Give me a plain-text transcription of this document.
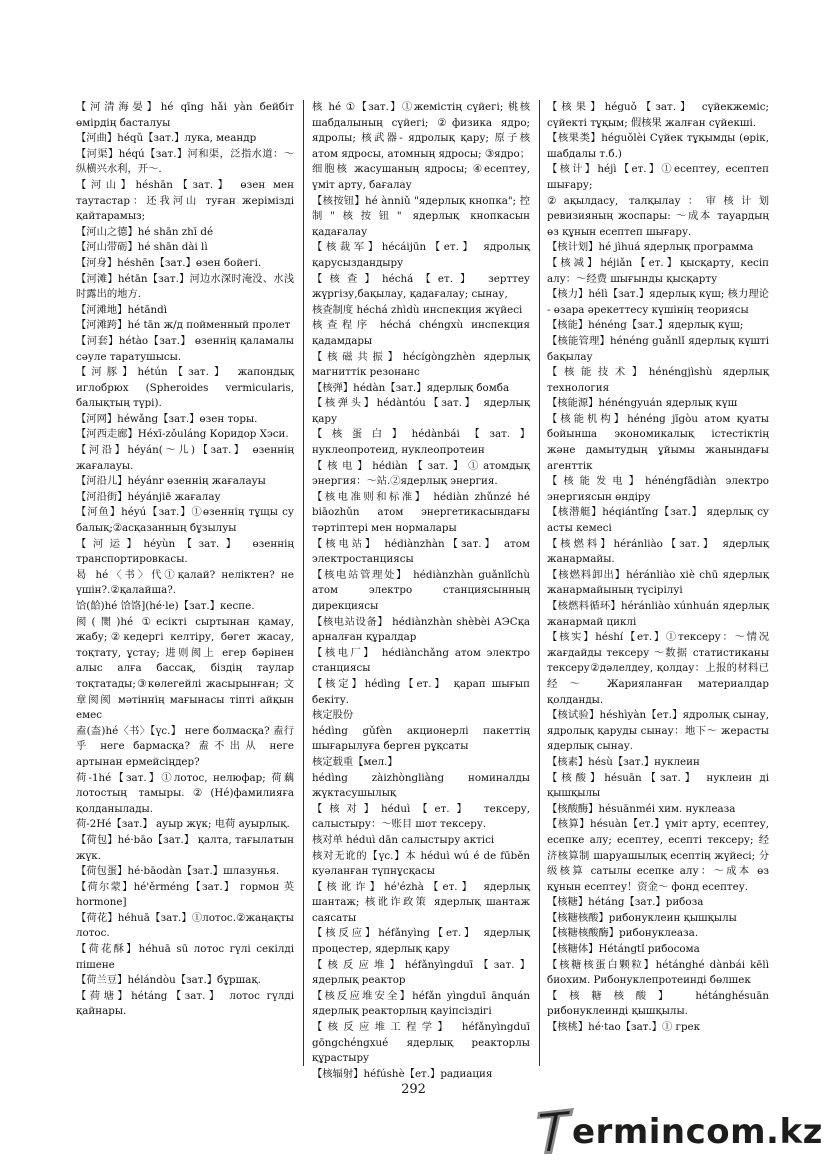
【河清海晏】hé qīng hǎi yàn бейбіт өмірдің басталуы

【河曲】héqǔ【зат.】лука, меандр

【河渠】héqú【зат.】河和渠，泛指水道：～纵横兴水利，开～.

【河山】héshān【зат.】 өзен мен таутастар：还我河山 туған жерімізді қайтарамыз;

【河山之德】hé shān zhī dé

【河山带砺】hé shān dài lì

【河身】héshēn【зат.】өзен бойегі.

【河滩】hétān【зат.】河边水深时淹没、水浅时露出的地方.

【河滩地】hétāndì

【河滩跨】hé tān ж/д пойменный пролет

【河套】hétào【зат.】 өзеннің қаламалы сәуле таратушысы.

【河豚】hétún【зат.】 жапондық иглобрюх (Spheroides vermicularis, балықтың түрі).

【河网】héwǎng【зат.】өзен торы.

【河西走廊】Héxī-zǒuláng Коридор Хэси.

【河沿】héyán(～儿)【зат.】 өзеннің жағалауы.

【河沿儿】héyánr өзеннің жағалауы

【河沿街】héyánjiē жағалау

【河鱼】héyú【зат.】①өзеннің тұщы су балық;②асқазанның бұзылуы

【河运】héyùn【зат.】 өзеннің транспортировкасы.

曷 hé〈书〉代①қалай? неліктен? не үшін?.②қалайша?.

饸(餄)hé 饸饹](hé·le)【зат.】кеспе.

阂(閡)hé ①есікті сыртынан қамау, жабу;②кедергі келтіру, бөгет жасау, тоқтату, ұстау; 进则阂上 егер бәрінен алыс алға бассақ, біздің таулар тоқтатады;③көлегейлі жасырынған; 文章阂阂 мәтіннің мағынасы тіпті айқын емес

盍(盇)hé〈书〉【үс.】 неге болмасқа? 盍行乎 неге бармасқа? 盍不出从 неге артынан ермейсіңдер?

荷-1hé【зат.】①лотос, нелюфар; 荷藕 лотостың тамыры.②(Hé)фамилияға қолданылады.

荷-2Hé【зат.】 ауыр жүк; 电荷 ауырлық.

【荷包】hé·bāo【зат.】 қалта, тағылатын жүк.

【荷包蛋】hé·bāodàn【зат.】шлазунья.

【荷尔蒙】hé'ěrméng【зат.】 гормон 英 hormone]

【荷花】héhuā【зат.】①лотос.②жаңақты лотос.

【荷花酥】héhuā sū лотос гүлі секілді пішене

【荷兰豆】hélándòu【зат.】бұршақ.

【荷塘】hétáng【зат.】 лотос гүлді қайнары.

核 hé ①【зат.】①жемістің сүйегі; 桃核 шабдалының сүйегі; ②физика ядро; ядролы; 核武器- ядролық қару; 原子核 атом ядросы, атомның ядросы; ③ядро；细胞核 жасушаның ядросы; ④есептеу, үміт арту, бағалау

【核按钮】hé ànniǔ "ядерлық кнопка"; 控制"核按钮" ядерлық кнопкасын қадағалау

【核裁军】hécáijūn【ет.】 ядролық қарусыздандыру

【核查】héchá【ет.】 зерттеу жүргізу,бақылау, қадағалау; сынау,

核查制度 héchá zhìdù инспекция жүйесі

核查程序 héchá chéngxù инспекция қадамдары

【核磁共振】hécígòngzhèn ядерлық магниттік резонанс

【核弹】hédàn【зат.】ядерлық бомба

【核弹头】hédàntóu【зат.】 ядерлық қару

【核蛋白】hédànbái【зат.】 нуклеопротеид, нуклеопротеин

【核电】hédiàn【зат.】①атомдық энергия：～站.②ядерлық энергия.

【核电准则和标准】 hédiàn zhǔnzé hé biāozhǔn атом энергетикасындағы тәртіптері мен нормалары

【核电站】 hédiànzhàn【зат.】 атом электростанциясы

【核电站管理处】 hédiànzhàn guǎnlǐchù атом электро станциясынның дирекциясы

【核电站设备】 hédiànzhàn shèbèi АЭСқа арналған құралдар

【核电厂】 hédiànchǎng атом электро станциясы

【核定】hédìng【ет.】 қарап шығып бекіту.

核定股份

hédìng gǔfèn акционерлі пакеттің шығарылуға берген рұқсаты

核定载重【мел.】

hédìng zàizhòngliàng номиналды жүктасушылық

【核对】héduì【ет.】 тексеру, салыстыру：～账目 шот тексеру.

核对单 héduì dān салыстыру актісі

核对无讹的【үс.】本 héduì wú é de fūběn куәланған түпнұсқасы

【核讹诈】hé'ézhà【ет.】 ядерлық шантаж; 核讹诈政策 ядерлық шантаж саясаты

【核反应】héfǎnyìng【ет.】 ядерлық процестер, ядерлық қару

【核反应堆】héfǎnyìngduī【зат.】 ядерлық реактор

【核反应堆安全】héfǎn yìngduī ānquán ядерлық реакторлың қауіпсіздігі

【核反应堆工程学】 héfǎnyìngduī gōngchéngxué ядерлық реакторлы құрастыру

【核辐射】héfúshè【ет.】радиация

【核果】héguǒ【зат.】 сүйекжеміс; сүйекті тұқым; 假核果 жалған сүйекші.

【核果类】héguǒlèi Сүйек тұқымды (өрік, шабдалы т.б.)

【核计】héjì【ет.】①есептеу, есептеп шығару;

②ақылдасу, талқылау：审核计划 ревизияның жоспары: ～成本 тауардың өз құнын есептеп шығару.

【核计划】hé jìhuá ядерлық программа

【核减】héjiǎn【ет.】қысқарту, кесіп алу：～经费 шығынды қысқарту

【核力】hélì【зат.】ядерлық күш; 核力理论 - өзара әрекеттесу күшінің теориясы

【核能】hénéng【зат.】ядерлық күш;

【核能管理】hénéng guǎnlǐ ядерлық күшті бақылау

【核能技术】hénéngjìshù ядерлық технология

【核能源】hénéngyuán ядерлық күш

【核能机构】hénéng jīgòu атом қуаты бойынша экономикалық істестіктің және дамытудың ұйымы жанындағы агенттік

【核能发电】hénéngfādiàn электро энергиясын өндіру

【核潜艇】héqiántǐng【зат.】 ядерлық су асты кемесі

【核燃料】héránliào【зат.】 ядерлық жанармайы.

【核燃料卸出】héránliào xiè chū ядерлық жанармайының түсірілуі

【核燃料循环】héránliào xúnhuán ядерлық жанармай циклі

【核实】héshí【ет.】①тексеру：～情况 жағдайды тексеру ～数据 статистиканы тексеру②дәлелдеу, қолдау：上报的材料已经～ Жарияланған материалдар қолданды.

【核试验】héshìyàn【ет.】ядролық сынау, ядролық қаруды сынау：地下～ жерасты ядерлық сынау.

【核素】hésù【зат.】нуклеин

【核酸】hésuān【зат.】 нуклеин ді қышқылы

【核酸酶】hésuānméi хим. нуклеаза

【核算】hésuàn【ет.】үміт арту, есептеу, есепке алу; есептеу, есепті тексеру; 经济核算制 шаруашылық есептің жүйесі; 分级核算 сатылы есепке алу：～成本 өз құнын есептеу！资金～ фонд есептеу.

【核糖】hétáng【зат.】рибоза

【核糖核酸】рибонуклеин қышқылы

【核糖核酸酶】рибонуклеаза.

【核糖体】Hétángtǐ рибосома

【核糖核蛋白颗粒】hétánghé dànbái kēlì биохим. Рибонуклепротеиндi бөлшек

【核糖核酸】 hétánghésuān рибонуклеинді қышқылы.

【核桃】hé·tao【зат.】① грек

292
ermincom.kz
